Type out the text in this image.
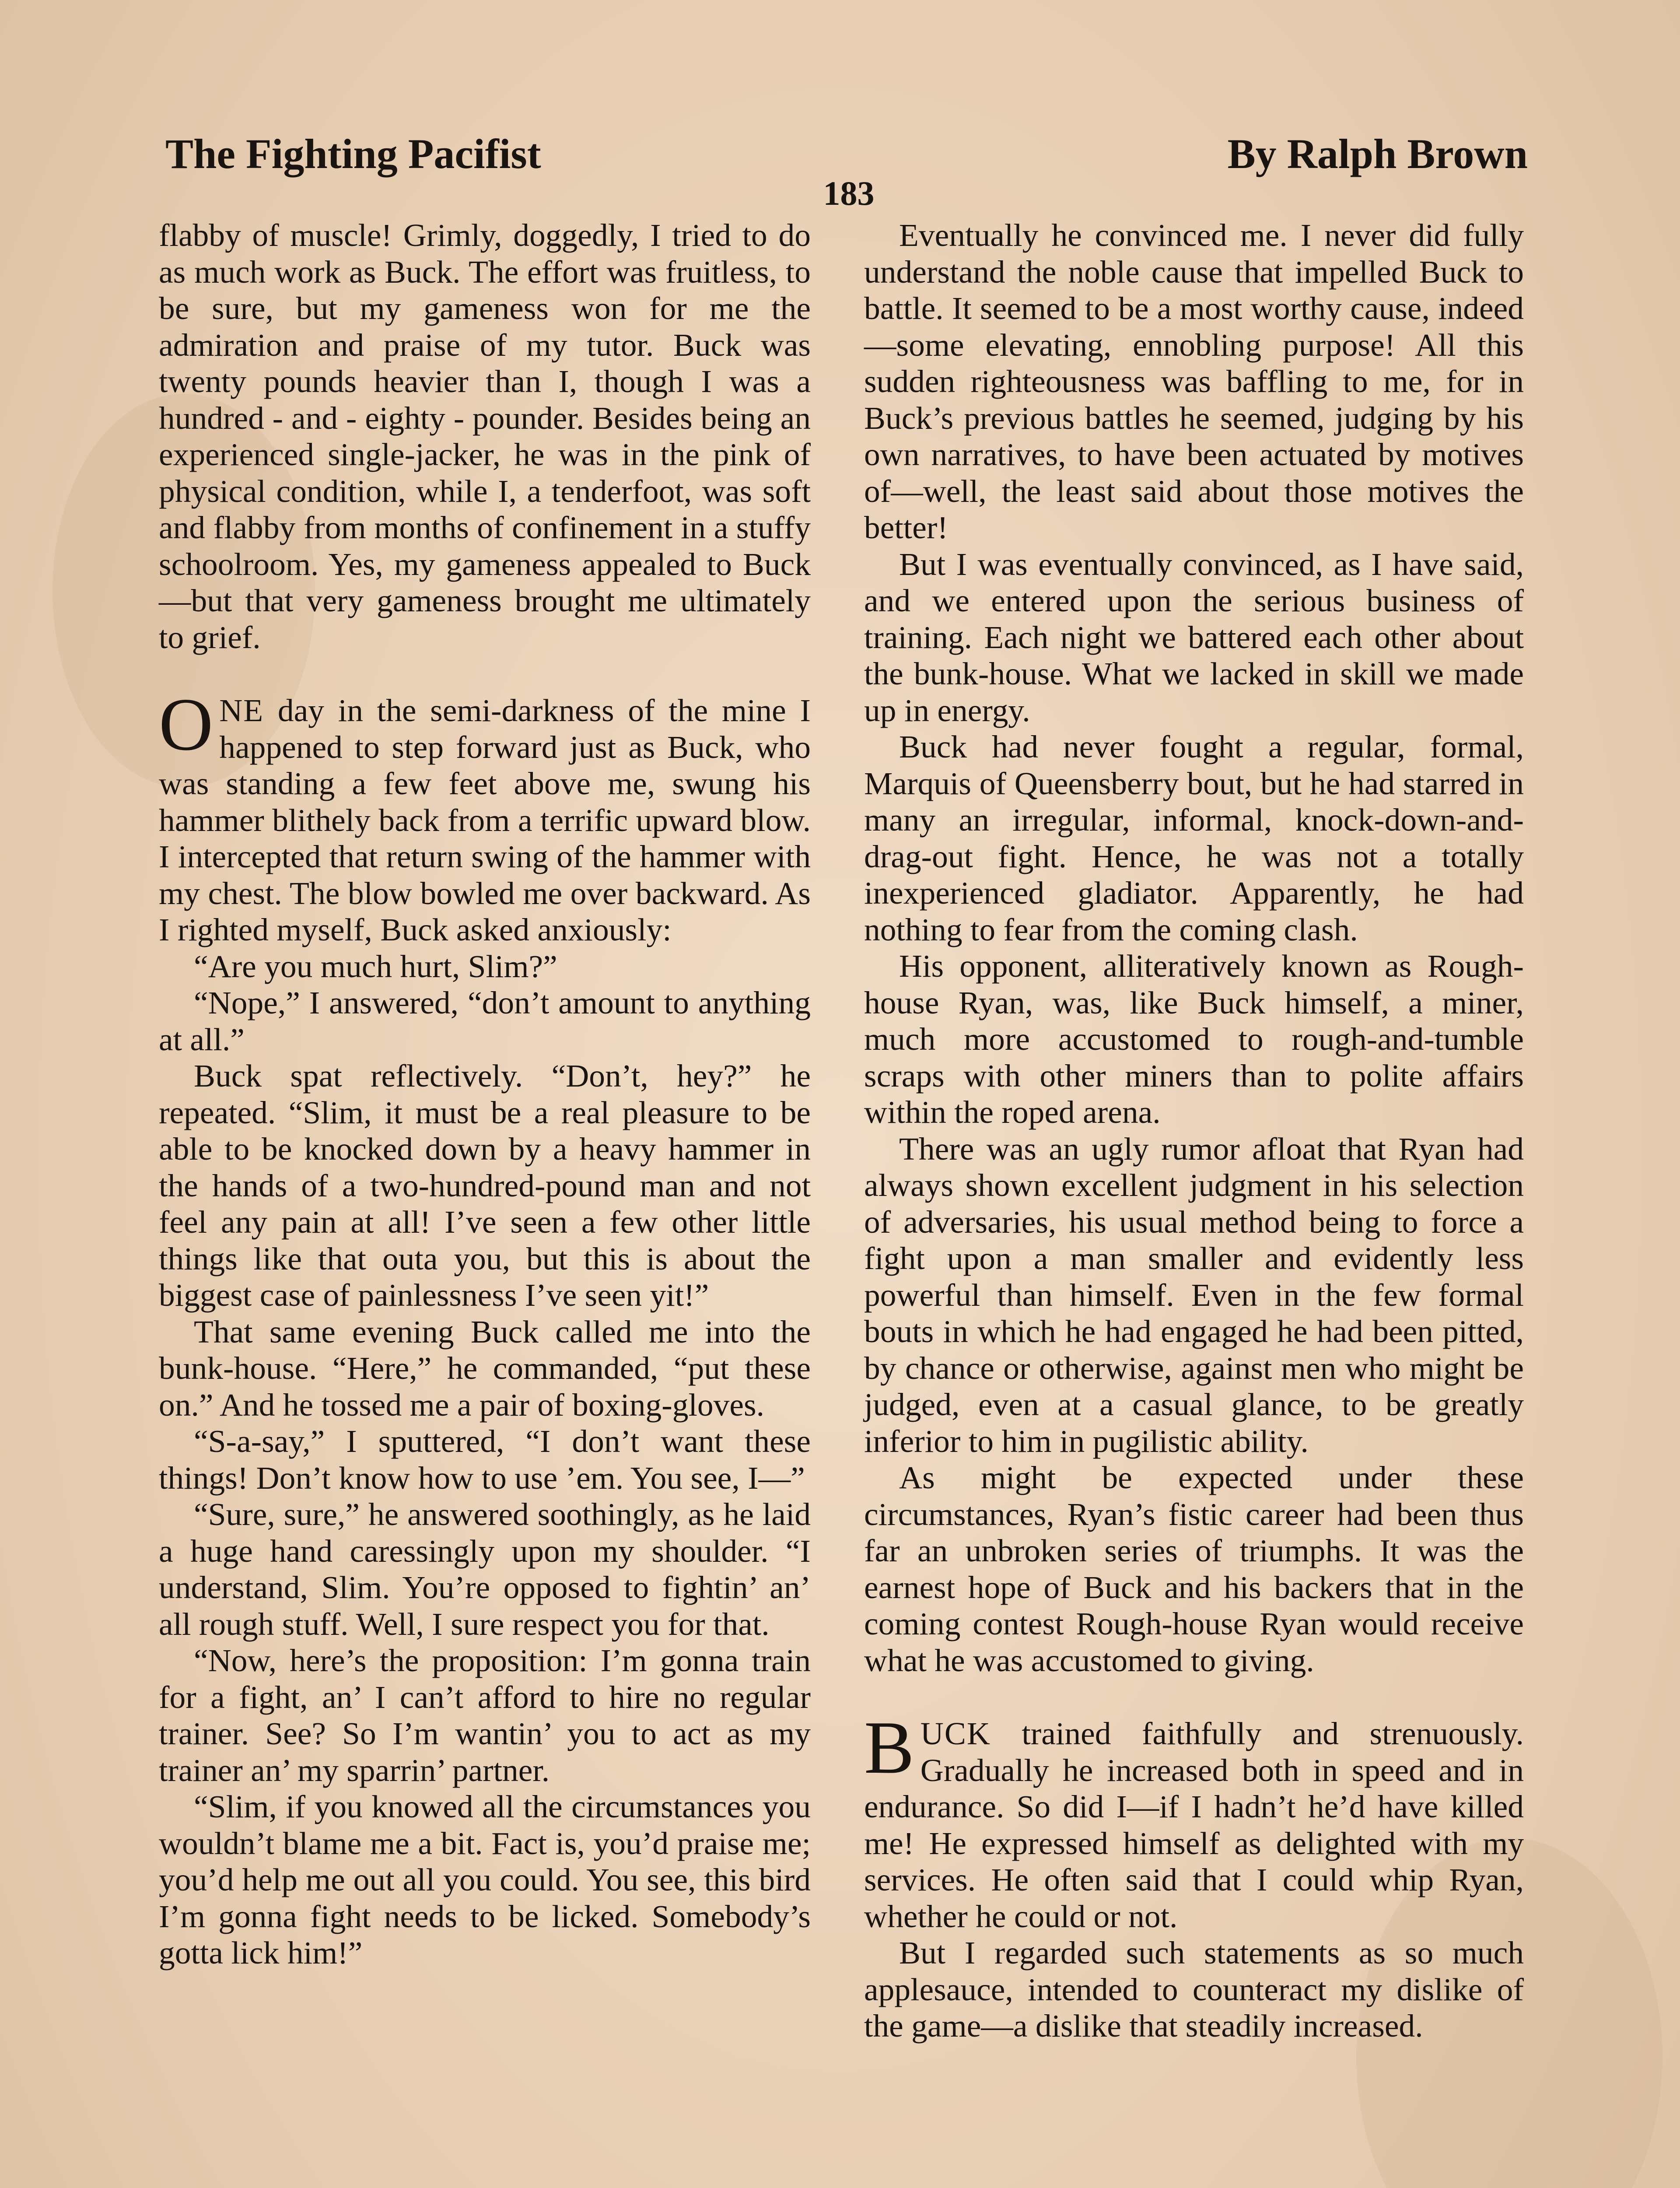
The Fighting Pacifist	By Ralph Brown
183

flabby of muscle! Grimly, doggedly, I tried to do as much work as Buck. The effort was fruitless, to be sure, but my gameness won for me the admiration and praise of my tutor. Buck was twenty pounds heavier than I, though I was a hundred - and - eighty - pounder. Besides being an experienced single-jacker, he was in the pink of physical condition, while I, a tenderfoot, was soft and flabby from months of confinement in a stuffy schoolroom. Yes, my gameness appealed to Buck—but that very gameness brought me ultimately to grief.

ONE day in the semi-darkness of the mine I happened to step forward just as Buck, who was standing a few feet above me, swung his hammer blithely back from a terrific upward blow. I intercepted that return swing of the hammer with my chest. The blow bowled me over backward. As I righted myself, Buck asked anxiously:

“Are you much hurt, Slim?”

“Nope,” I answered, “don’t amount to anything at all.”

Buck spat reflectively. “Don’t, hey?” he repeated. “Slim, it must be a real pleasure to be able to be knocked down by a heavy hammer in the hands of a two-hundred-pound man and not feel any pain at all! I’ve seen a few other little things like that outa you, but this is about the biggest case of painlessness I’ve seen yit!”

That same evening Buck called me into the bunk-house. “Here,” he commanded, “put these on.” And he tossed me a pair of boxing-gloves.

“S-a-say,” I sputtered, “I don’t want these things! Don’t know how to use ’em. You see, I—”

“Sure, sure,” he answered soothingly, as he laid a huge hand caressingly upon my shoulder. “I understand, Slim. You’re opposed to fightin’ an’ all rough stuff. Well, I sure respect you for that.

“Now, here’s the proposition: I’m gonna train for a fight, an’ I can’t afford to hire no regular trainer. See? So I’m wantin’ you to act as my trainer an’ my sparrin’ partner.

“Slim, if you knowed all the circumstances you wouldn’t blame me a bit. Fact is, you’d praise me; you’d help me out all you could. You see, this bird I’m gonna fight needs to be licked. Somebody’s gotta lick him!”

Eventually he convinced me. I never did fully understand the noble cause that impelled Buck to battle. It seemed to be a most worthy cause, indeed—some elevating, ennobling purpose! All this sudden righteousness was baffling to me, for in Buck’s previous battles he seemed, judging by his own narratives, to have been actuated by motives of—well, the least said about those motives the better!

But I was eventually convinced, as I have said, and we entered upon the serious business of training. Each night we battered each other about the bunk-house. What we lacked in skill we made up in energy.

Buck had never fought a regular, formal, Marquis of Queensberry bout, but he had starred in many an irregular, informal, knock-down-and-drag-out fight. Hence, he was not a totally inexperienced gladiator. Apparently, he had nothing to fear from the coming clash.

His opponent, alliteratively known as Rough-house Ryan, was, like Buck himself, a miner, much more accustomed to rough-and-tumble scraps with other miners than to polite affairs within the roped arena.

There was an ugly rumor afloat that Ryan had always shown excellent judgment in his selection of adversaries, his usual method being to force a fight upon a man smaller and evidently less powerful than himself. Even in the few formal bouts in which he had engaged he had been pitted, by chance or otherwise, against men who might be judged, even at a casual glance, to be greatly inferior to him in pugilistic ability.

As might be expected under these circumstances, Ryan’s fistic career had been thus far an unbroken series of triumphs. It was the earnest hope of Buck and his backers that in the coming contest Rough-house Ryan would receive what he was accustomed to giving.

BUCK trained faithfully and strenuously. Gradually he increased both in speed and in endurance. So did I—if I hadn’t he’d have killed me! He expressed himself as delighted with my services. He often said that I could whip Ryan, whether he could or not.

But I regarded such statements as so much applesauce, intended to counteract my dislike of the game—a dislike that steadily increased.
